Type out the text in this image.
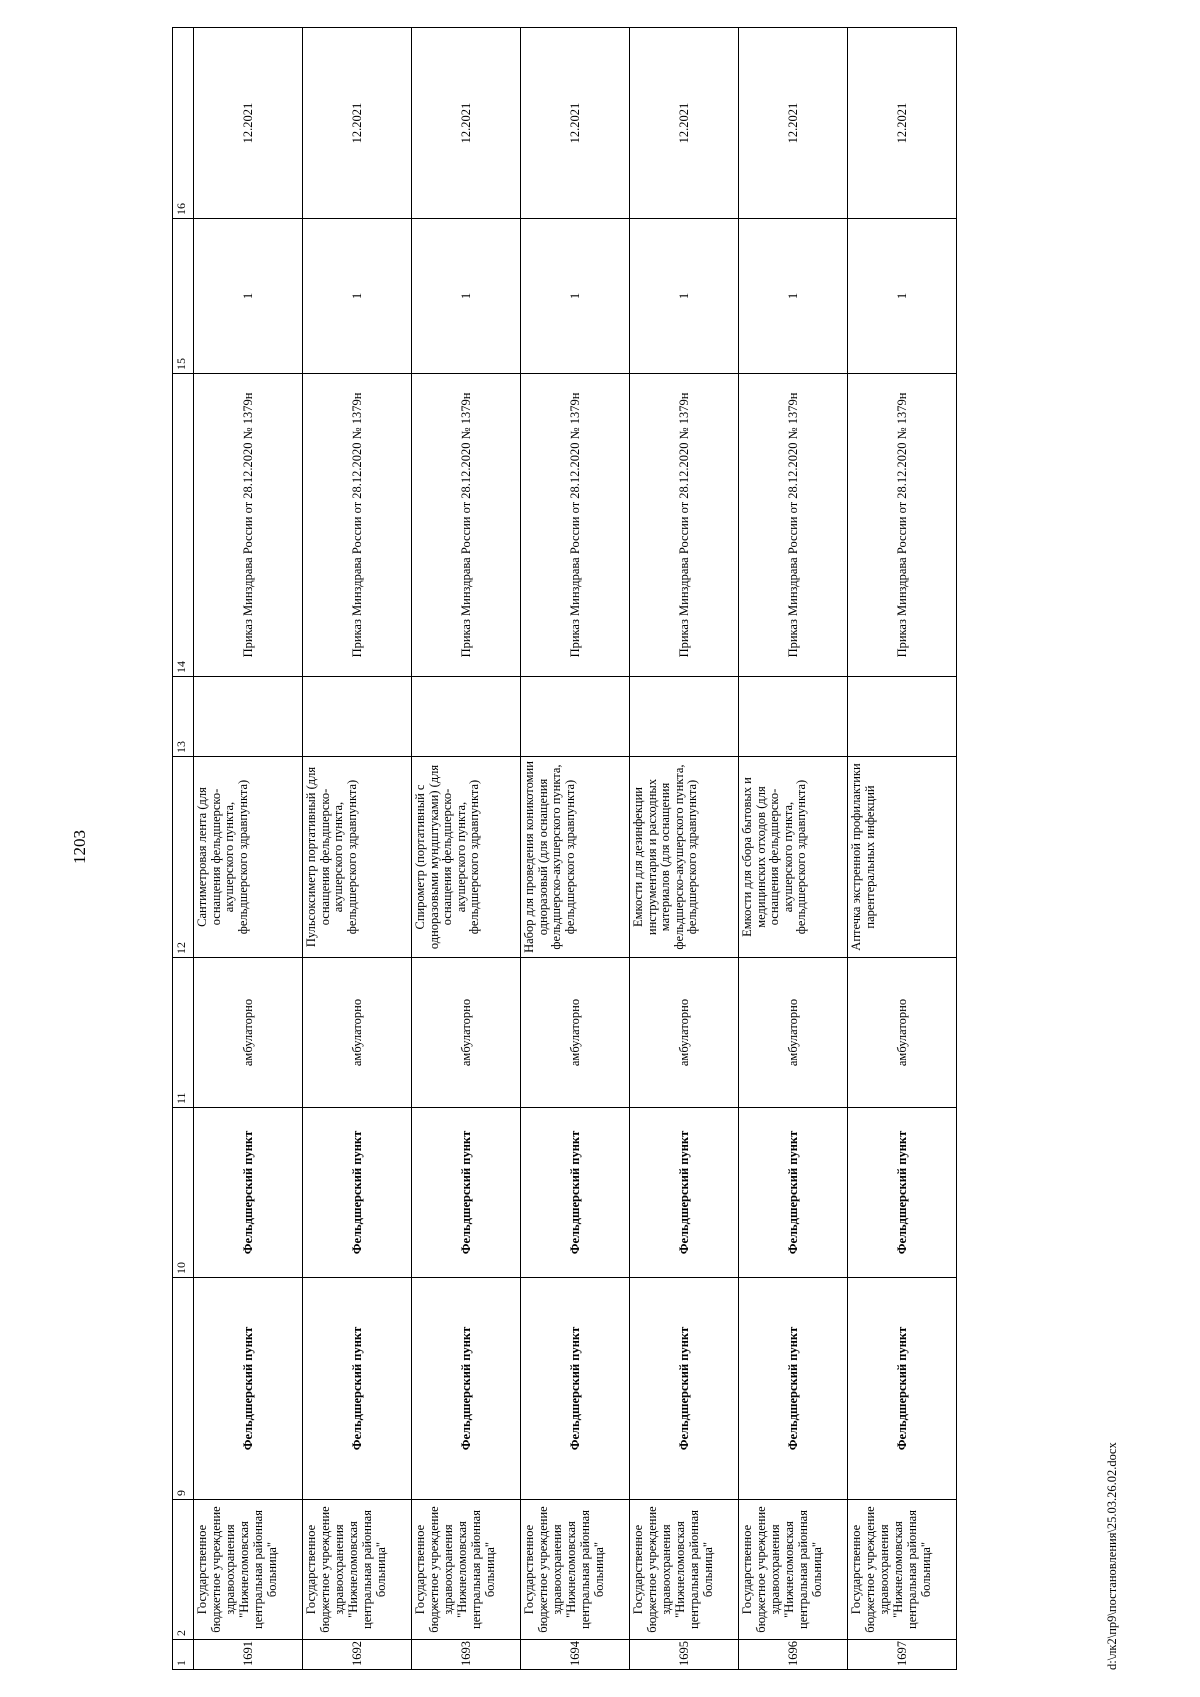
1203
1	2	9	10	11	12	13	14	15	16
1691	Государственное бюджетное учреждение здравоохранения "Нижнеломовская центральная районная больница"	Фельдшерский пункт	Фельдшерский пункт	амбулаторно	Сантиметровая лента (для оснащения фельдшерско-акушерского пункта, фельдшерского здравпункта)		Приказ Минздрава России от 28.12.2020 № 1379н	1	12.2021
1692	Государственное бюджетное учреждение здравоохранения "Нижнеломовская центральная районная больница"	Фельдшерский пункт	Фельдшерский пункт	амбулаторно	Пульсоксиметр портативный (для оснащения фельдшерско-акушерского пункта, фельдшерского здравпункта)		Приказ Минздрава России от 28.12.2020 № 1379н	1	12.2021
1693	Государственное бюджетное учреждение здравоохранения "Нижнеломовская центральная районная больница"	Фельдшерский пункт	Фельдшерский пункт	амбулаторно	Спирометр (портативный с одноразовыми мундштуками) (для оснащения фельдшерско-акушерского пункта, фельдшерского здравпункта)		Приказ Минздрава России от 28.12.2020 № 1379н	1	12.2021
1694	Государственное бюджетное учреждение здравоохранения "Нижнеломовская центральная районная больница"	Фельдшерский пункт	Фельдшерский пункт	амбулаторно	Набор для проведения коникотомии одноразовый (для оснащения фельдшерско-акушерского пункта, фельдшерского здравпункта)		Приказ Минздрава России от 28.12.2020 № 1379н	1	12.2021
1695	Государственное бюджетное учреждение здравоохранения "Нижнеломовская центральная районная больница"	Фельдшерский пункт	Фельдшерский пункт	амбулаторно	Емкости для дезинфекции инструментария и расходных материалов (для оснащения фельдшерско-акушерского пункта, фельдшерского здравпункта)		Приказ Минздрава России от 28.12.2020 № 1379н	1	12.2021
1696	Государственное бюджетное учреждение здравоохранения "Нижнеломовская центральная районная больница"	Фельдшерский пункт	Фельдшерский пункт	амбулаторно	Емкости для сбора бытовых и медицинских отходов (для оснащения фельдшерско-акушерского пункта, фельдшерского здравпункта)		Приказ Минздрава России от 28.12.2020 № 1379н	1	12.2021
1697	Государственное бюджетное учреждение здравоохранения "Нижнеломовская центральная районная больница"	Фельдшерский пункт	Фельдшерский пункт	амбулаторно	Аптечка экстренной профилактики парентеральных инфекций		Приказ Минздрава России от 28.12.2020 № 1379н	1	12.2021
d:\лк2\пр9\постановления\25.03.26.02.docx
